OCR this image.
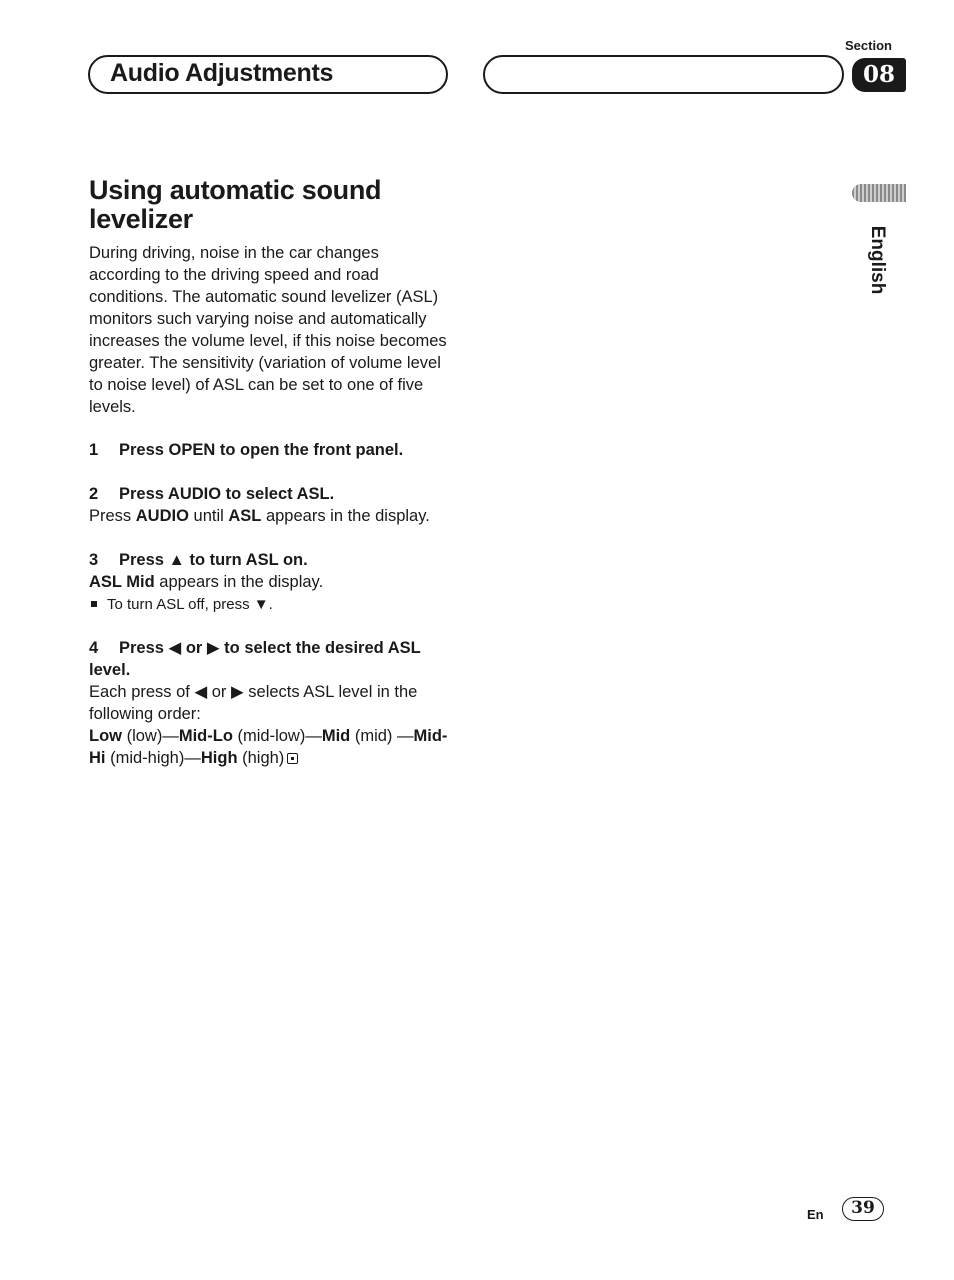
Audio Adjustments
Section
08
English
Using automatic sound levelizer

During driving, noise in the car changes according to the driving speed and road conditions. The automatic sound levelizer (ASL) monitors such varying noise and automatically increases the volume level, if this noise becomes greater. The sensitivity (variation of volume level to noise level) of ASL can be set to one of five levels.

1 Press OPEN to open the front panel.
2 Press AUDIO to select ASL.
Press AUDIO until ASL appears in the display.
3 Press ▲ to turn ASL on.
ASL Mid appears in the display.
To turn ASL off, press ▼.
4 Press ◀ or ▶ to select the desired ASL level.

Each press of ◀ or ▶ selects ASL level in the following order:

Low (low)—Mid-Lo (mid-low)—Mid (mid) —Mid-Hi (mid-high)—High (high)
En	39
